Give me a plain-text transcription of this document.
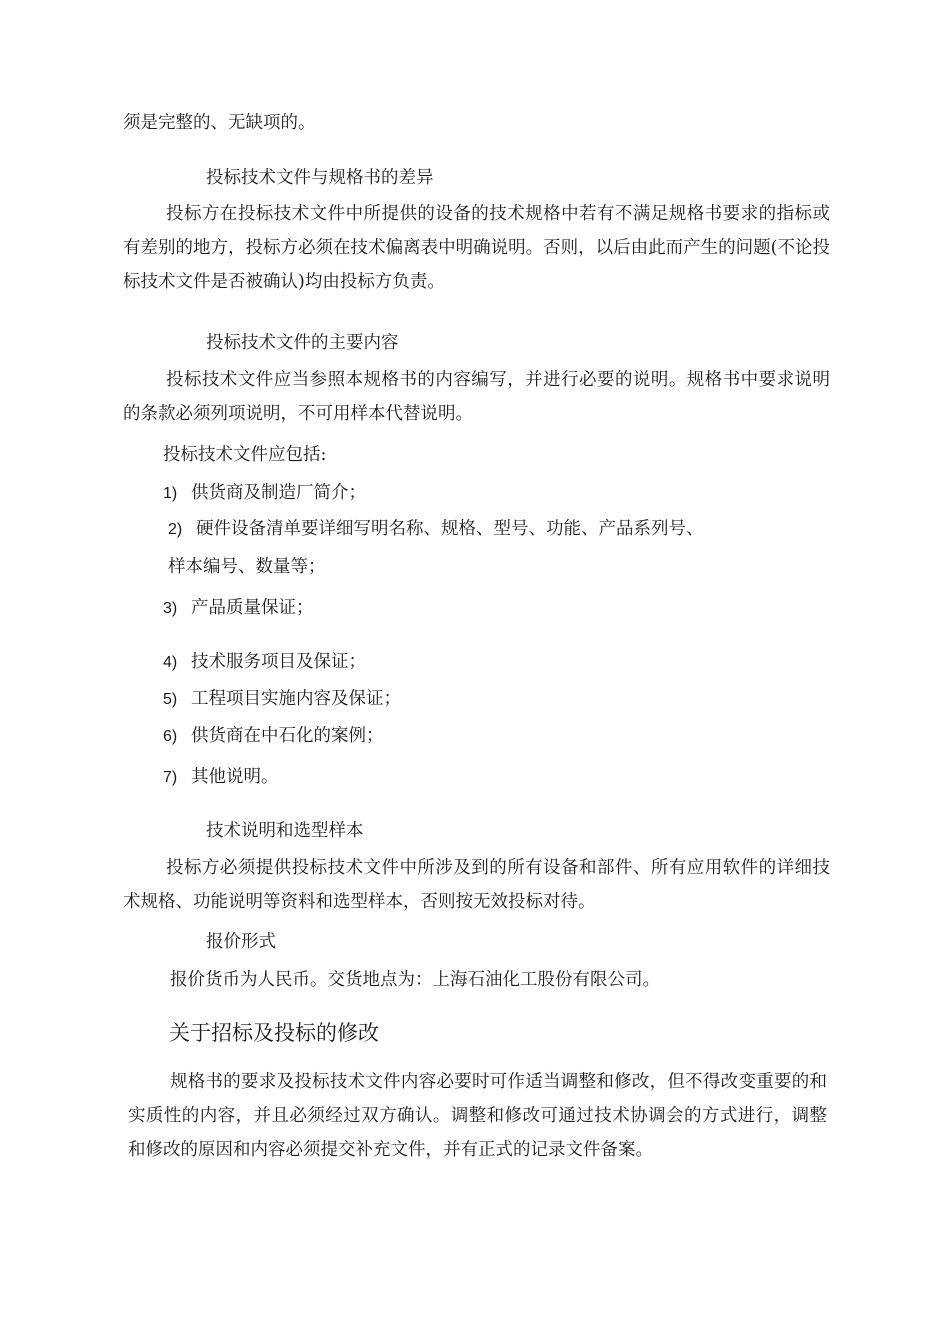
须是完整的、无缺项的。

投标技术文件与规格书的差异

投标方在投标技术文件中所提供的设备的技术规格中若有不满足规格书要求的指标或有差别的地方，投标方必须在技术偏离表中明确说明。否则，以后由此而产生的问题(不论投标技术文件是否被确认)均由投标方负责。

投标技术文件的主要内容

投标技术文件应当参照本规格书的内容编写，并进行必要的说明。规格书中要求说明的条款必须列项说明，不可用样本代替说明。

投标技术文件应包括:

1) 供货商及制造厂简介；

2) 硬件设备清单要详细写明名称、规格、型号、功能、产品系列号、

样本编号、数量等；

3) 产品质量保证；

4) 技术服务项目及保证；

5) 工程项目实施内容及保证；

6) 供货商在中石化的案例；

7) 其他说明。

技术说明和选型样本

投标方必须提供投标技术文件中所涉及到的所有设备和部件、所有应用软件的详细技术规格、功能说明等资料和选型样本，否则按无效投标对待。

报价形式

报价货币为人民币。交货地点为：上海石油化工股份有限公司。

关于招标及投标的修改

规格书的要求及投标技术文件内容必要时可作适当调整和修改，但不得改变重要的和实质性的内容，并且必须经过双方确认。调整和修改可通过技术协调会的方式进行，调整和修改的原因和内容必须提交补充文件，并有正式的记录文件备案。
